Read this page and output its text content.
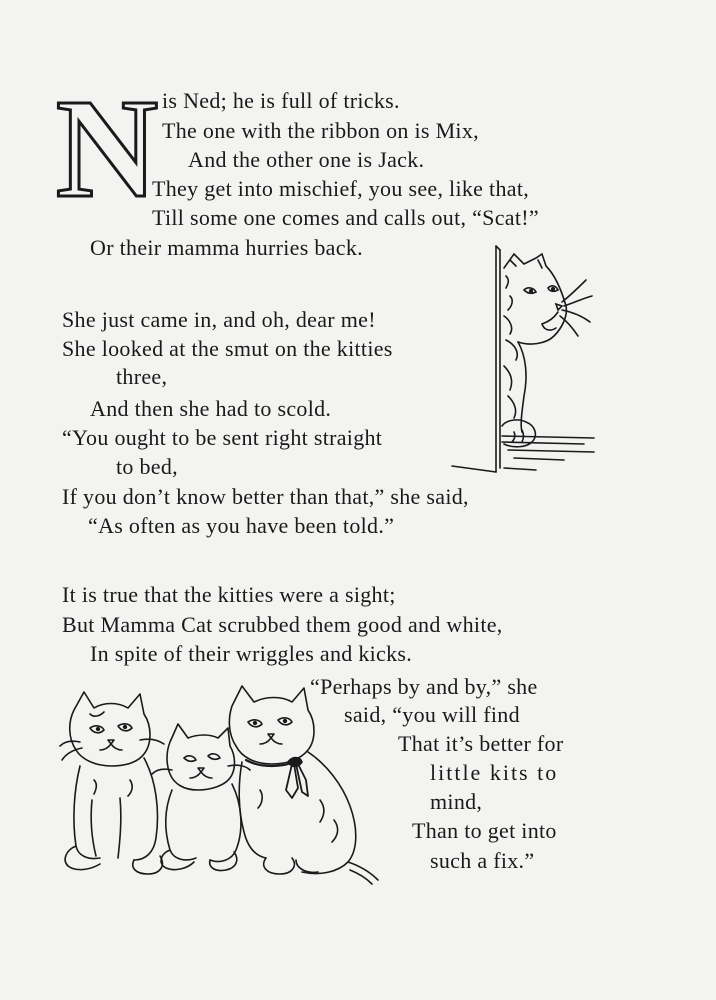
N is Ned; he is full of tricks.
The one with the ribbon on is Mix,
And the other one is Jack.
They get into mischief, you see, like that,
Till some one comes and calls out, “Scat!”
Or their mamma hurries back.
She just came in, and oh, dear me!
She looked at the smut on the kitties
three,
And then she had to scold.
“You ought to be sent right straight
to bed,
If you don’t know better than that,” she said,
“As often as you have been told.”
It is true that the kitties were a sight;
But Mamma Cat scrubbed them good and white,
In spite of their wriggles and kicks.
“Perhaps by and by,” she
said, “you will find
That it’s better for
little kits to
mind,
Than to get into
such a fix.”
